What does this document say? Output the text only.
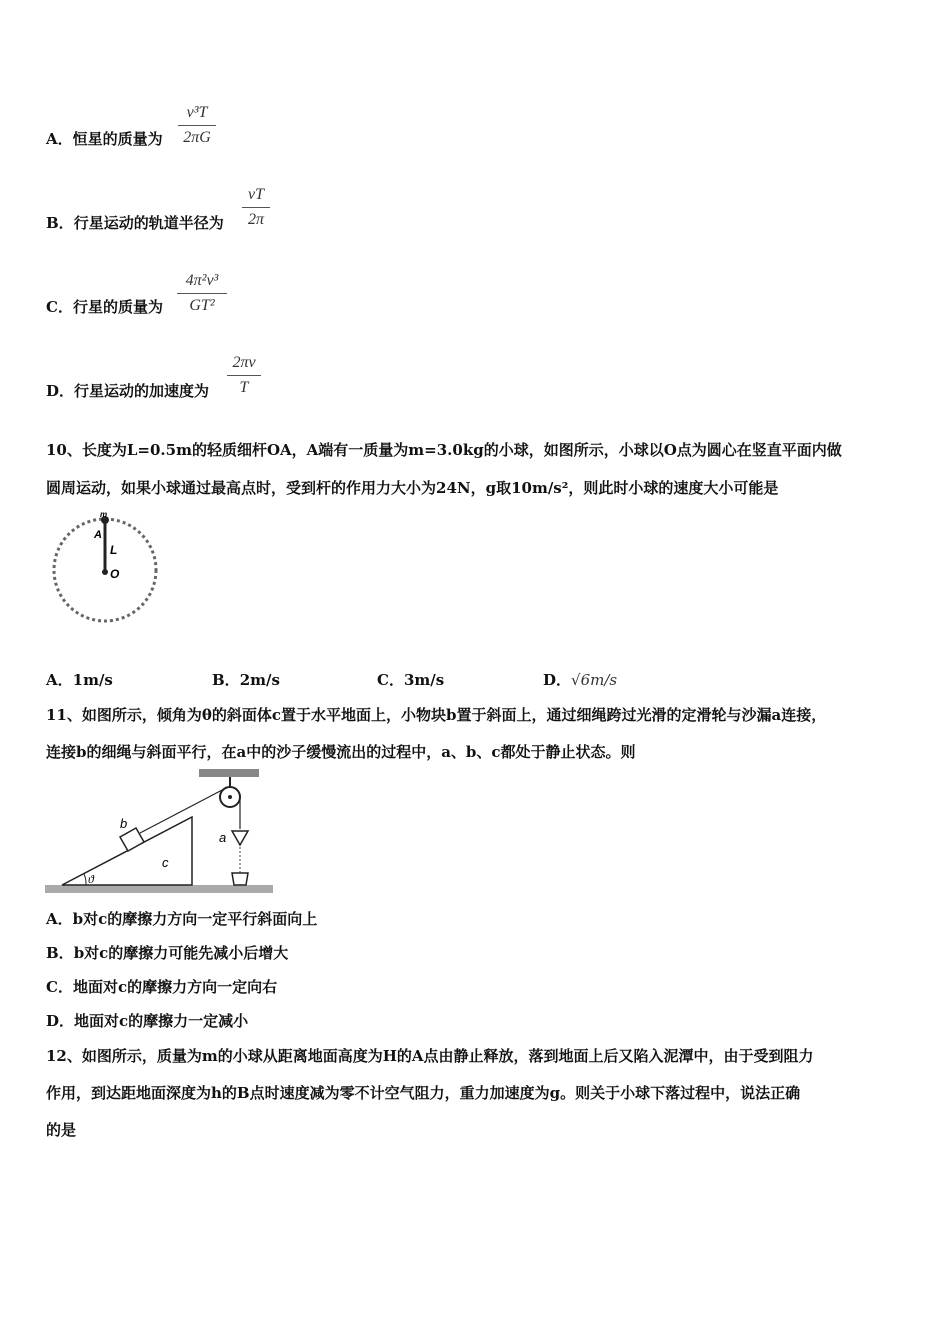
A．恒星的质量为
v³T
2πG
B．行星运动的轨道半径为
vT
2π
C．行星的质量为
4π²v³
GT²
D．行星运动的加速度为
2πv
T
10、长度为L=0.5m的轻质细杆OA，A端有一质量为m=3.0kg的小球，如图所示，小球以O点为圆心在竖直平面内做
圆周运动，如果小球通过最高点时，受到杆的作用力大小为24N，g取10m/s²，则此时小球的速度大小可能是
m
A
L
O
A．1m/s	B．2m/s	C．3m/s	D．√6m/s
11、如图所示，倾角为θ的斜面体c置于水平地面上，小物块b置于斜面上，通过细绳跨过光滑的定滑轮与沙漏a连接，
连接b的细绳与斜面平行，在a中的沙子缓慢流出的过程中，a、b、c都处于静止状态。则
ϑ
b
c
a
A．b对c的摩擦力方向一定平行斜面向上
B．b对c的摩擦力可能先减小后增大
C．地面对c的摩擦力方向一定向右
D．地面对c的摩擦力一定减小
12、如图所示，质量为m的小球从距离地面高度为H的A点由静止释放，落到地面上后又陷入泥潭中，由于受到阻力
作用，到达距地面深度为h的B点时速度减为零不计空气阻力，重力加速度为g。则关于小球下落过程中，说法正确
的是
